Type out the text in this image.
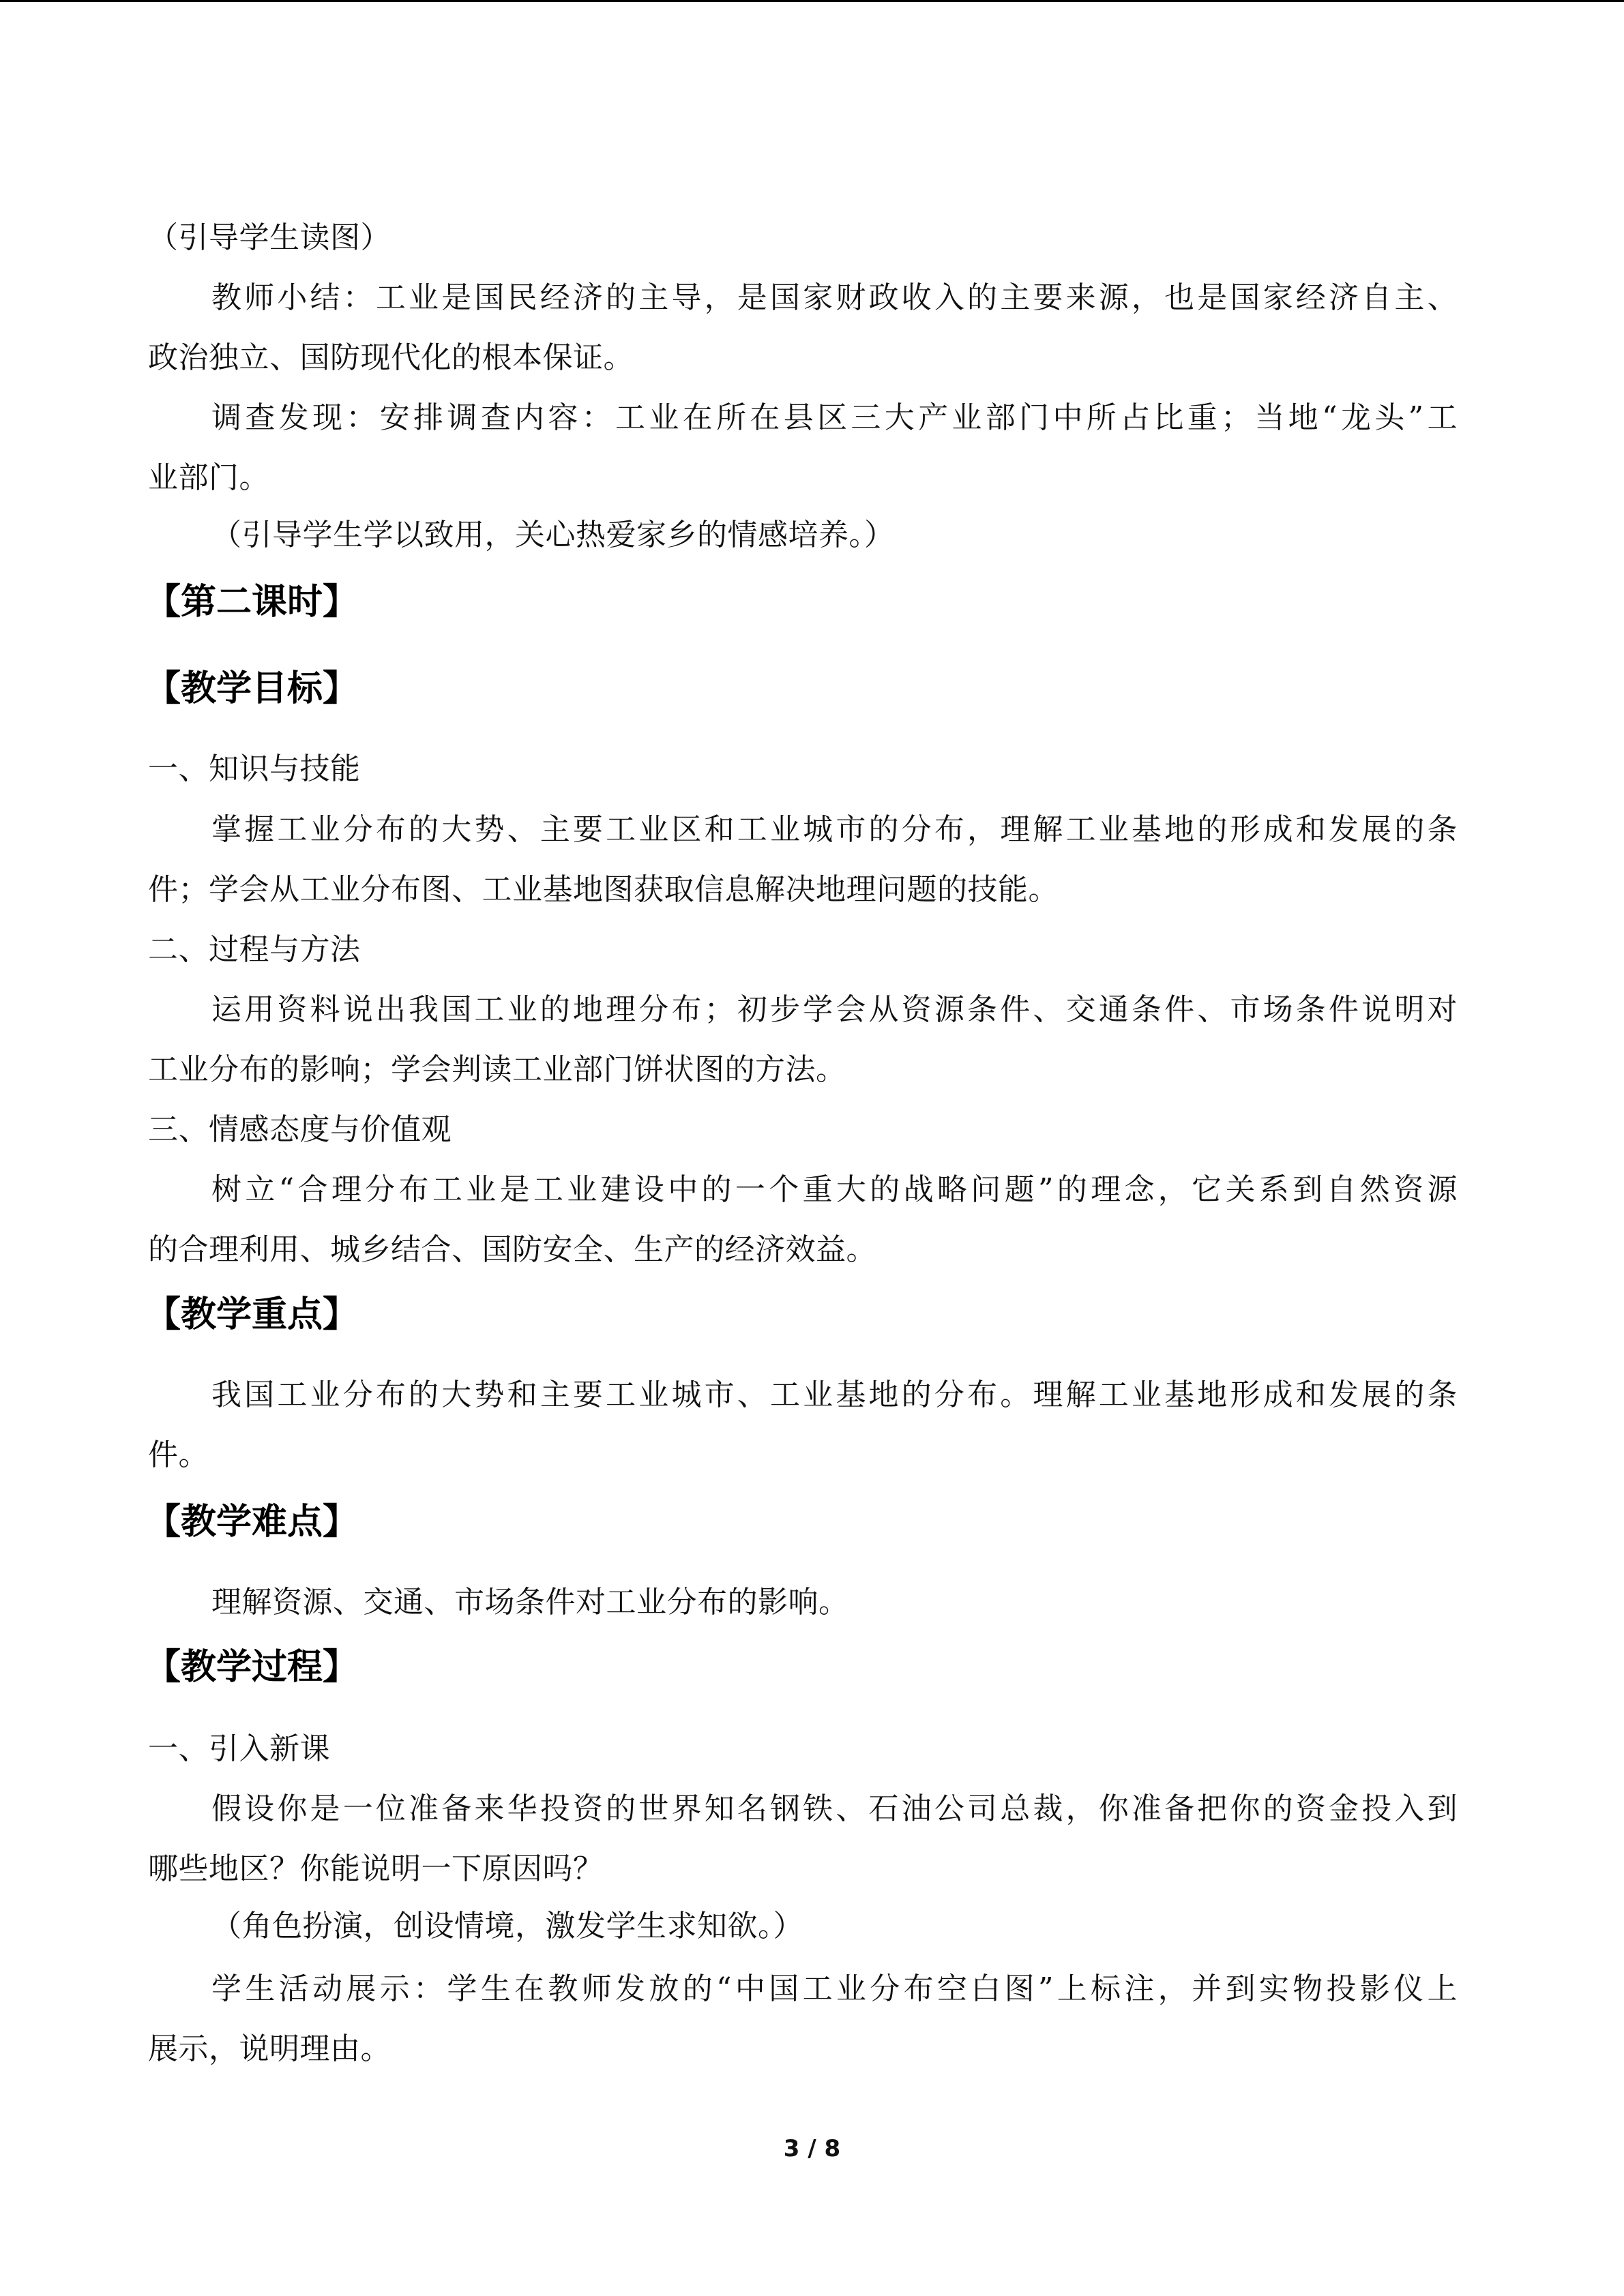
（引导学生读图）
教师小结：工业是国民经济的主导，是国家财政收入的主要来源，也是国家经济自主、
政治独立、国防现代化的根本保证。
调查发现：安排调查内容：工业在所在县区三大产业部门中所占比重；当地“龙头”工
业部门。
（引导学生学以致用，关心热爱家乡的情感培养。）
【第二课时】
【教学目标】
一、知识与技能
掌握工业分布的大势、主要工业区和工业城市的分布，理解工业基地的形成和发展的条
件；学会从工业分布图、工业基地图获取信息解决地理问题的技能。
二、过程与方法
运用资料说出我国工业的地理分布；初步学会从资源条件、交通条件、市场条件说明对
工业分布的影响；学会判读工业部门饼状图的方法。
三、情感态度与价值观
树立“合理分布工业是工业建设中的一个重大的战略问题”的理念，它关系到自然资源
的合理利用、城乡结合、国防安全、生产的经济效益。
【教学重点】
我国工业分布的大势和主要工业城市、工业基地的分布。理解工业基地形成和发展的条
件。
【教学难点】
理解资源、交通、市场条件对工业分布的影响。
【教学过程】
一、引入新课
假设你是一位准备来华投资的世界知名钢铁、石油公司总裁，你准备把你的资金投入到
哪些地区？你能说明一下原因吗？
（角色扮演，创设情境，激发学生求知欲。）
学生活动展示：学生在教师发放的“中国工业分布空白图”上标注，并到实物投影仪上
展示，说明理由。
3 / 8
